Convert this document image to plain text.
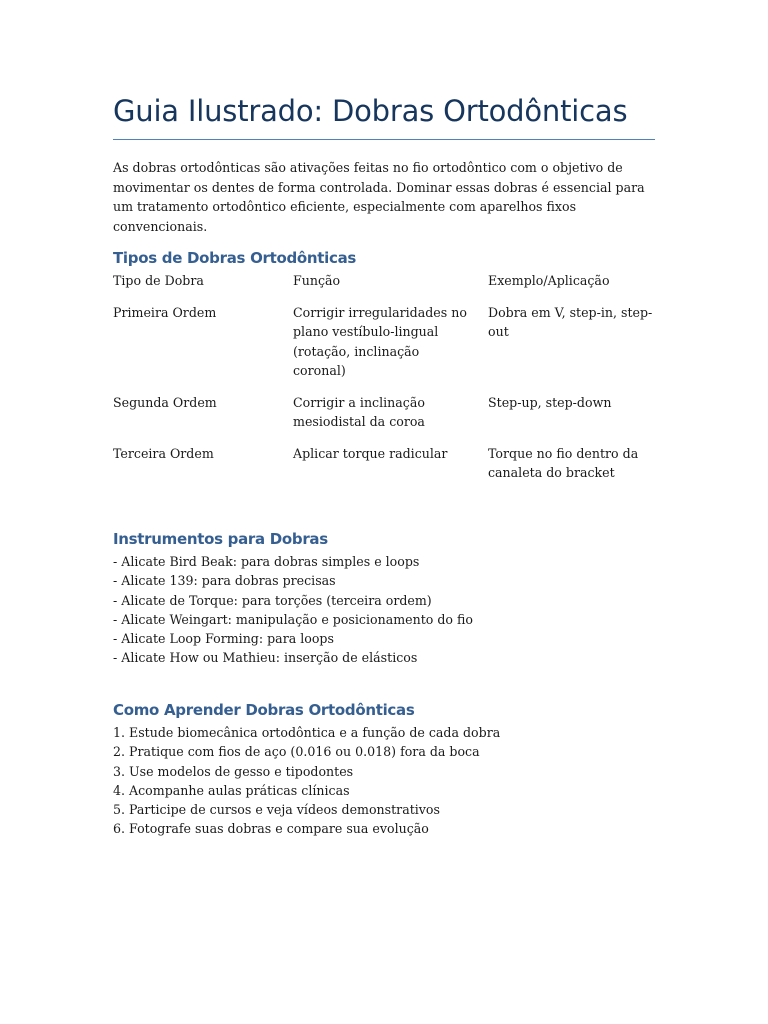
Guia Ilustrado: Dobras Ortodônticas

As dobras ortodônticas são ativações feitas no fio ortodôntico com o objetivo de movimentar os dentes de forma controlada. Dominar essas dobras é essencial para um tratamento ortodôntico eficiente, especialmente com aparelhos fixos convencionais.

Tipos de Dobras Ortodônticas
Tipo de Dobra	Função	Exemplo/Aplicação
Primeira Ordem	Corrigir irregularidades no plano vestíbulo-lingual (rotação, inclinação coronal)	Dobra em V, step-in, step-out
Segunda Ordem	Corrigir a inclinação mesiodistal da coroa	Step-up, step-down
Terceira Ordem	Aplicar torque radicular	Torque no fio dentro da canaleta do bracket
Instrumentos para Dobras
- Alicate Bird Beak: para dobras simples e loops
- Alicate 139: para dobras precisas
- Alicate de Torque: para torções (terceira ordem)
- Alicate Weingart: manipulação e posicionamento do fio
- Alicate Loop Forming: para loops
- Alicate How ou Mathieu: inserção de elásticos
Como Aprender Dobras Ortodônticas
1. Estude biomecânica ortodôntica e a função de cada dobra
2. Pratique com fios de aço (0.016 ou 0.018) fora da boca
3. Use modelos de gesso e tipodontes
4. Acompanhe aulas práticas clínicas
5. Participe de cursos e veja vídeos demonstrativos
6. Fotografe suas dobras e compare sua evolução
